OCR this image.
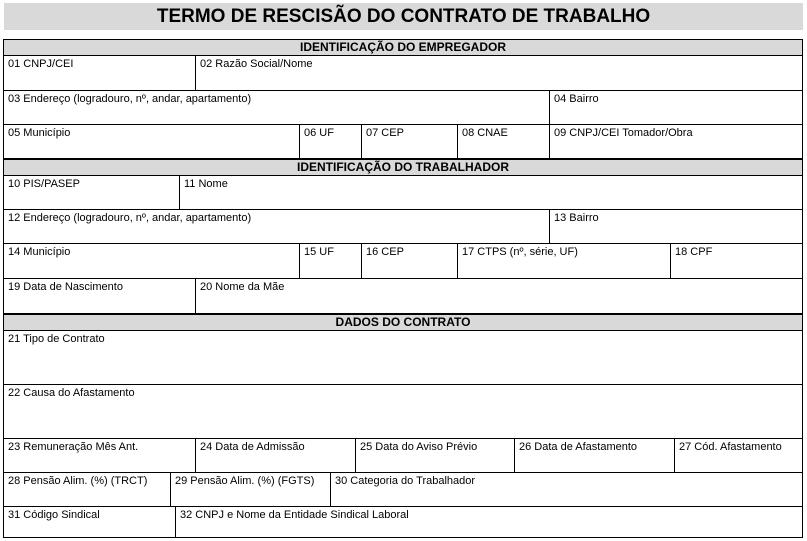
TERMO DE RESCISÃO DO CONTRATO DE TRABALHO
IDENTIFICAÇÃO DO EMPREGADOR
01 CNPJ/CEI	02 Razão Social/Nome
03 Endereço (logradouro, nº, andar, apartamento)	04 Bairro
05 Município	06 UF	07 CEP	08 CNAE	09 CNPJ/CEI Tomador/Obra
IDENTIFICAÇÃO DO TRABALHADOR
10 PIS/PASEP	11 Nome
12 Endereço (logradouro, nº, andar, apartamento)	13 Bairro
14 Município	15 UF	16 CEP	17 CTPS (nº, série, UF)	18 CPF
19 Data de Nascimento	20 Nome da Mãe
DADOS DO CONTRATO
21 Tipo de Contrato
22 Causa do Afastamento
23 Remuneração Mês Ant.	24 Data de Admissão	25 Data do Aviso Prévio	26 Data de Afastamento	27 Cód. Afastamento
28 Pensão Alim. (%) (TRCT)	29 Pensão Alim. (%) (FGTS)	30 Categoria do Trabalhador
31 Código Sindical	32 CNPJ e Nome da Entidade Sindical Laboral
